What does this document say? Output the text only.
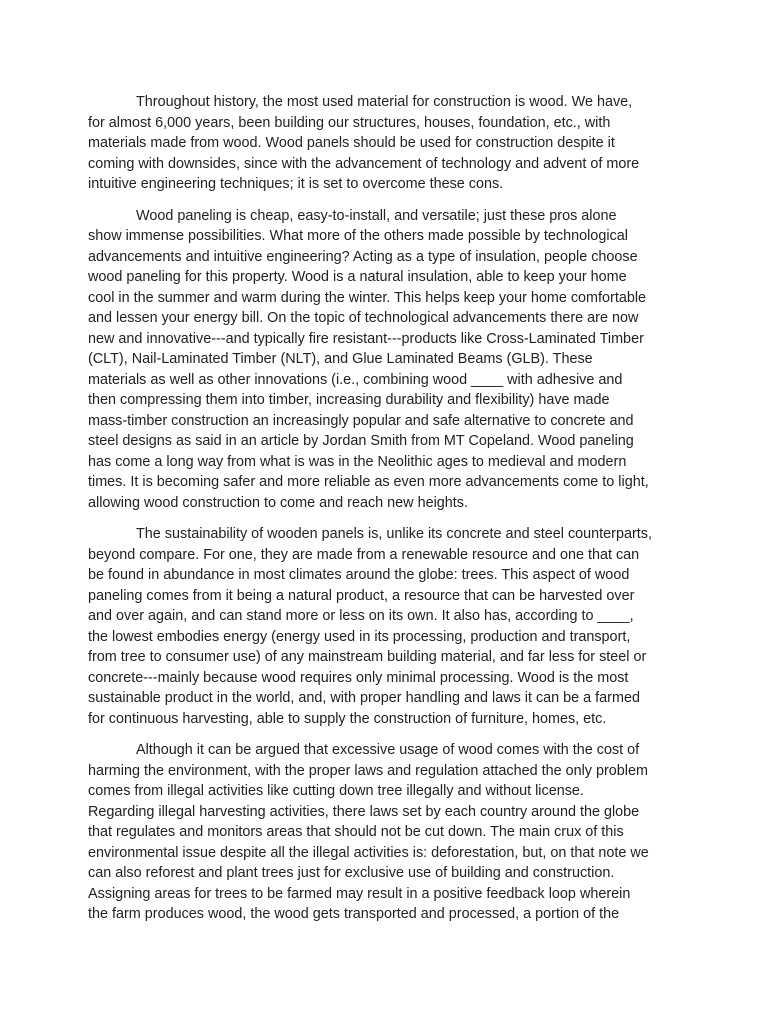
Throughout history, the most used material for construction is wood. We have,
for almost 6,000 years, been building our structures, houses, foundation, etc., with
materials made from wood. Wood panels should be used for construction despite it
coming with downsides, since with the advancement of technology and advent of more
intuitive engineering techniques; it is set to overcome these cons.

Wood paneling is cheap, easy-to-install, and versatile; just these pros alone
show immense possibilities. What more of the others made possible by technological
advancements and intuitive engineering? Acting as a type of insulation, people choose
wood paneling for this property. Wood is a natural insulation, able to keep your home
cool in the summer and warm during the winter. This helps keep your home comfortable
and lessen your energy bill. On the topic of technological advancements there are now
new and innovative---and typically fire resistant---products like Cross-Laminated Timber
(CLT), Nail-Laminated Timber (NLT), and Glue Laminated Beams (GLB). These
materials as well as other innovations (i.e., combining wood ____ with adhesive and
then compressing them into timber, increasing durability and flexibility) have made
mass-timber construction an increasingly popular and safe alternative to concrete and
steel designs as said in an article by Jordan Smith from MT Copeland. Wood paneling
has come a long way from what is was in the Neolithic ages to medieval and modern
times. It is becoming safer and more reliable as even more advancements come to light,
allowing wood construction to come and reach new heights.

The sustainability of wooden panels is, unlike its concrete and steel counterparts,
beyond compare. For one, they are made from a renewable resource and one that can
be found in abundance in most climates around the globe: trees. This aspect of wood
paneling comes from it being a natural product, a resource that can be harvested over
and over again, and can stand more or less on its own. It also has, according to ____,
the lowest embodies energy (energy used in its processing, production and transport,
from tree to consumer use) of any mainstream building material, and far less for steel or
concrete---mainly because wood requires only minimal processing. Wood is the most
sustainable product in the world, and, with proper handling and laws it can be a farmed
for continuous harvesting, able to supply the construction of furniture, homes, etc.

Although it can be argued that excessive usage of wood comes with the cost of
harming the environment, with the proper laws and regulation attached the only problem
comes from illegal activities like cutting down tree illegally and without license.
Regarding illegal harvesting activities, there laws set by each country around the globe
that regulates and monitors areas that should not be cut down. The main crux of this
environmental issue despite all the illegal activities is: deforestation, but, on that note we
can also reforest and plant trees just for exclusive use of building and construction.
Assigning areas for trees to be farmed may result in a positive feedback loop wherein
the farm produces wood, the wood gets transported and processed, a portion of the
